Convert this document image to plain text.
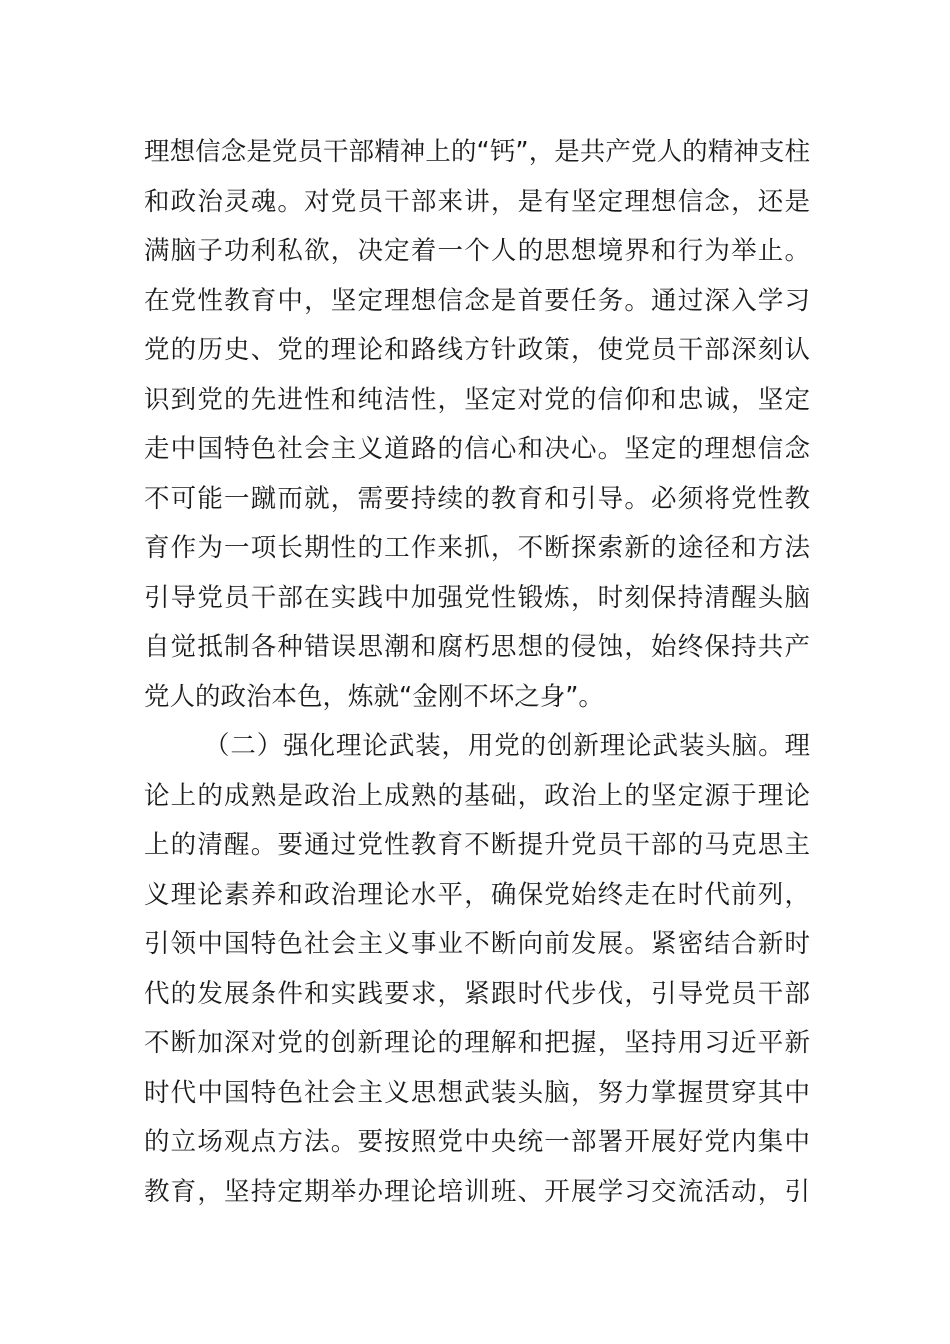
理想信念是党员干部精神上的“钙”，是共产党人的精神支柱
和政治灵魂。对党员干部来讲，是有坚定理想信念，还是
满脑子功利私欲，决定着一个人的思想境界和行为举止。
在党性教育中，坚定理想信念是首要任务。通过深入学习
党的历史、党的理论和路线方针政策，使党员干部深刻认
识到党的先进性和纯洁性，坚定对党的信仰和忠诚，坚定
走中国特色社会主义道路的信心和决心。坚定的理想信念
不可能一蹴而就，需要持续的教育和引导。必须将党性教
育作为一项长期性的工作来抓，不断探索新的途径和方法
引导党员干部在实践中加强党性锻炼，时刻保持清醒头脑
自觉抵制各种错误思潮和腐朽思想的侵蚀，始终保持共产
党人的政治本色，炼就“金刚不坏之身”。
（二）强化理论武装，用党的创新理论武装头脑。理
论上的成熟是政治上成熟的基础，政治上的坚定源于理论
上的清醒。要通过党性教育不断提升党员干部的马克思主
义理论素养和政治理论水平，确保党始终走在时代前列，
引领中国特色社会主义事业不断向前发展。紧密结合新时
代的发展条件和实践要求，紧跟时代步伐，引导党员干部
不断加深对党的创新理论的理解和把握，坚持用习近平新
时代中国特色社会主义思想武装头脑，努力掌握贯穿其中
的立场观点方法。要按照党中央统一部署开展好党内集中
教育，坚持定期举办理论培训班、开展学习交流活动，引
